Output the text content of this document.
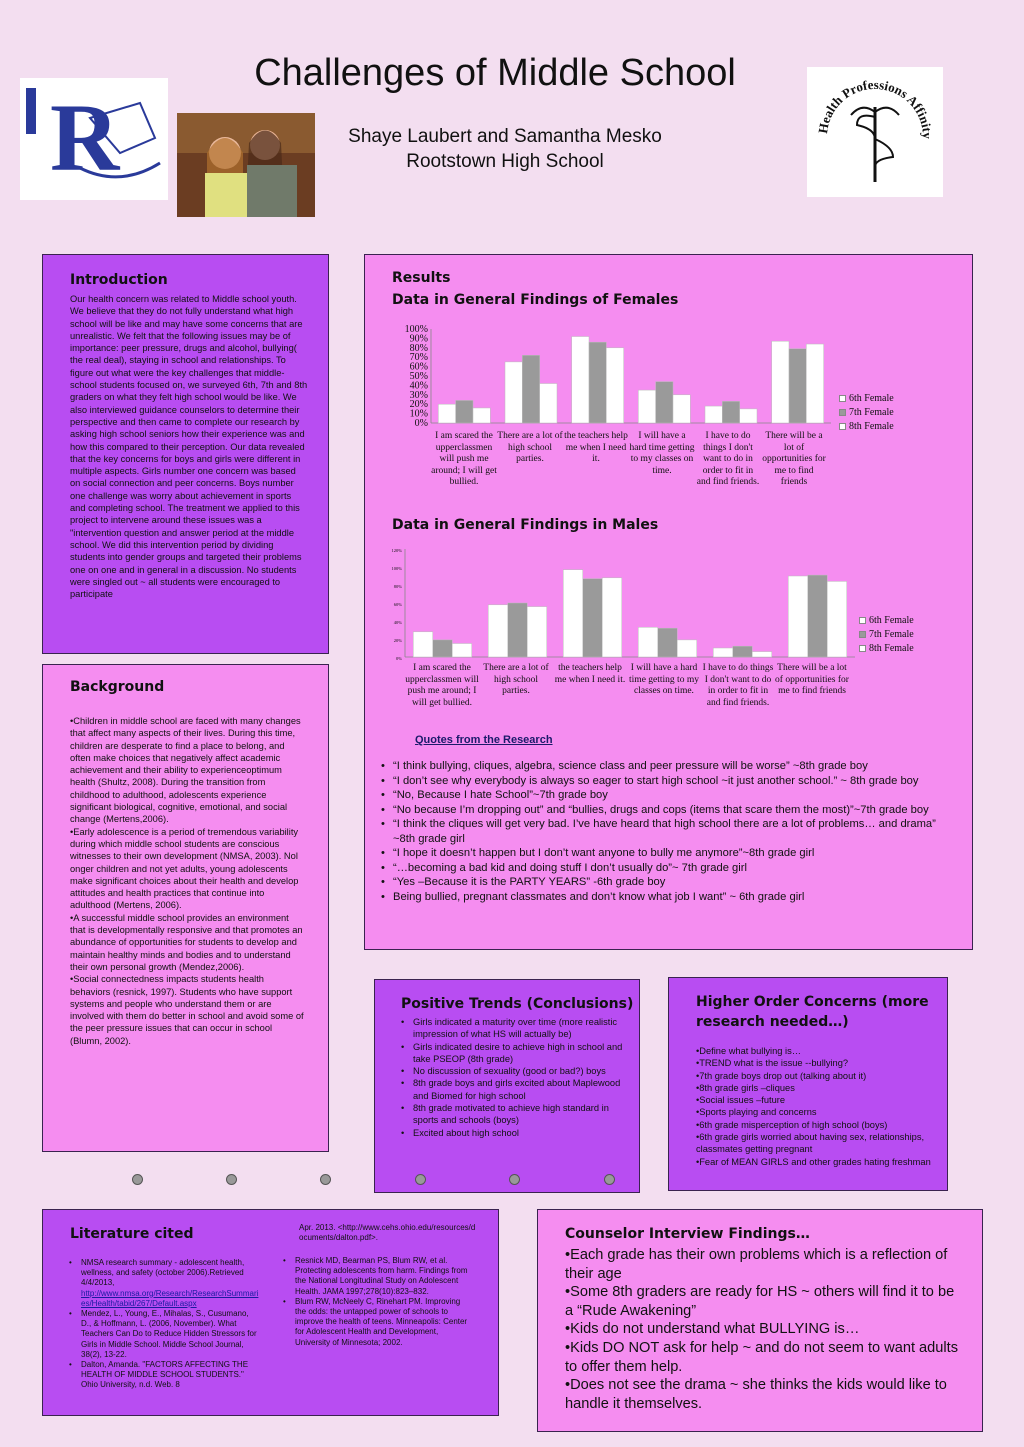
Challenges of Middle School
Shaye Laubert and Samantha Mesko
Rootstown High School
R	Health Professions Affinity
Introduction
Our health concern was related to Middle school youth. We believe that they do not fully understand what high school will be like and may have some concerns that are unrealistic. We felt that the following issues may be of importance: peer pressure, drugs and alcohol, bullying( the real deal), staying in school and relationships. To figure out what were the key challenges that middle-school students focused on, we surveyed 6th, 7th and 8th graders on what they felt high school would be like. We also interviewed guidance counselors to determine their perspective and then came to complete our research by asking high school seniors how their experience was and how this compared to their perception. Our data revealed that the key concerns for boys and girls were different in multiple aspects. Girls number one concern was based on social connection and peer concerns. Boys number one challenge was worry about achievement in sports and completing school. The treatment we applied to this project to intervene around these issues was a "intervention question and answer period at the middle school. We did this intervention period by dividing students into gender groups and targeted their problems one on one and in general in a discussion. No students were singled out ~ all students were encouraged to participate
Background
•Children in middle school are faced with many changes that affect many aspects of their lives. During this time, children are desperate to find a place to belong, and often make choices that negatively affect academic achievement and their ability to experienceoptimum health (Shultz, 2008). During the transition from childhood to adulthood, adolescents experience significant biological, cognitive, emotional, and social change (Mertens,2006).
•Early adolescence is a period of tremendous variability during which middle school students are conscious witnesses to their own development (NMSA, 2003). Nol onger children and not yet adults, young adolescents make significant choices about their health and develop attitudes and health practices that continue into adulthood (Mertens, 2006).
•A successful middle school provides an environment that is developmentally responsive and that promotes an abundance of opportunities for students to develop and maintain healthy minds and bodies and to understand their own personal growth (Mendez,2006).
•Social connectedness impacts students health behaviors (resnick, 1997). Students who have support systems and people who understand them or are involved with them do better in school and avoid some of the peer pressure issues that can occur in school (Blumn, 2002).
Results
Data in General Findings of Females
0%
10%
20%
30%
40%
50%
60%
70%
80%
90%
100%
I am scared the upperclassmen will push me around; I will get bullied.
There are a lot of high school parties.
the teachers help me when I need it.
I will have a hard time getting to my classes on time.
I have to do things I don't want to do in order to fit in and find friends.
There will be a lot of opportunities for me to find friends
6th Female
7th Female
8th Female
Data in General Findings in Males
0%
20%
40%
60%
80%
100%
120%
I am scared the upperclassmen will push me around; I will get bullied.
There are a lot of high school parties.
the teachers help me when I need it.
I will have a hard time getting to my classes on time.
I have to do things I don't want to do in order to fit in and find friends.
There will be a lot of opportunities for me to find friends
6th Female
7th Female
8th Female
Quotes from the Research
• “I think bullying, cliques, algebra, science class and peer pressure will be worse” ~8th grade boy
• “I don’t see why everybody is always so eager to start high school ~it just another school.” ~ 8th grade boy
• “No, Because I hate School”~7th grade boy
• “No because I’m dropping out” and “bullies, drugs and cops (items that scare them the most)”~7th grade boy
• “I think the cliques will get very bad. I’ve have heard that high school there are a lot of problems… and drama” ~8th grade girl
• “I hope it doesn’t happen but I don’t want anyone to bully me anymore”~8th grade girl
• “…becoming a bad kid and doing stuff I don’t usually do”~ 7th grade girl
• “Yes –Because it is the PARTY YEARS” -6th grade boy
• Being bullied, pregnant classmates and don’t know what job I want” ~ 6th grade girl
Positive Trends (Conclusions)
• Girls indicated a maturity over time (more realistic impression of what HS will actually be)
• Girls indicated desire to achieve high in school and take PSEOP (8th grade)
• No discussion of sexuality (good or bad?) boys
• 8th grade boys and girls excited about Maplewood and Biomed for high school
• 8th grade motivated to achieve high standard in sports and schools (boys)
• Excited about high school
Higher Order Concerns (more research needed…)
•Define what bullying is…
•TREND what is the issue --bullying?
•7th grade boys drop out (talking about it)
•8th grade girls –cliques
•Social issues –future
•Sports playing and concerns
•6th grade misperception of high school (boys)
•6th grade girls worried about having sex, relationships, classmates getting pregnant
•Fear of MEAN GIRLS and other grades hating freshman
Literature cited
• NMSA research summary - adolescent health, wellness, and safety (october 2006).Retrieved 4/4/2013,
http://www.nmsa.org/Research/ResearchSummaries/Health/tabid/267/Default.aspx
• Mendez, L., Young, E., Mihalas, S., Cusumano, D., & Hoffmann, L. (2006, November). What Teachers Can Do to Reduce Hidden Stressors for Girls in Middle School. Middle School Journal, 38(2), 13-22.
• Dalton, Amanda. "FACTORS AFFECTING THE HEALTH OF MIDDLE SCHOOL STUDENTS." Ohio University, n.d. Web. 8
Apr. 2013. <http://www.cehs.ohio.edu/resources/documents/dalton.pdf>.
• Resnick MD, Bearman PS, Blum RW, et al. Protecting adolescents from harm. Findings from the National Longitudinal Study on Adolescent Health. JAMA 1997;278(10):823–832.
• Blum RW, McNeely C, Rinehart PM. Improving the odds: the untapped power of schools to improve the health of teens. Minneapolis: Center for Adolescent Health and Development, University of Minnesota; 2002.
Counselor Interview Findings…
•Each grade has their own problems which is a reflection of their age
•Some 8th graders are ready for HS ~ others will find it to be a “Rude Awakening”
•Kids do not understand what BULLYING is…
•Kids DO NOT ask for help ~ and do not seem to want adults to offer them help.
•Does not see the drama ~ she thinks the kids would like to handle it themselves.
